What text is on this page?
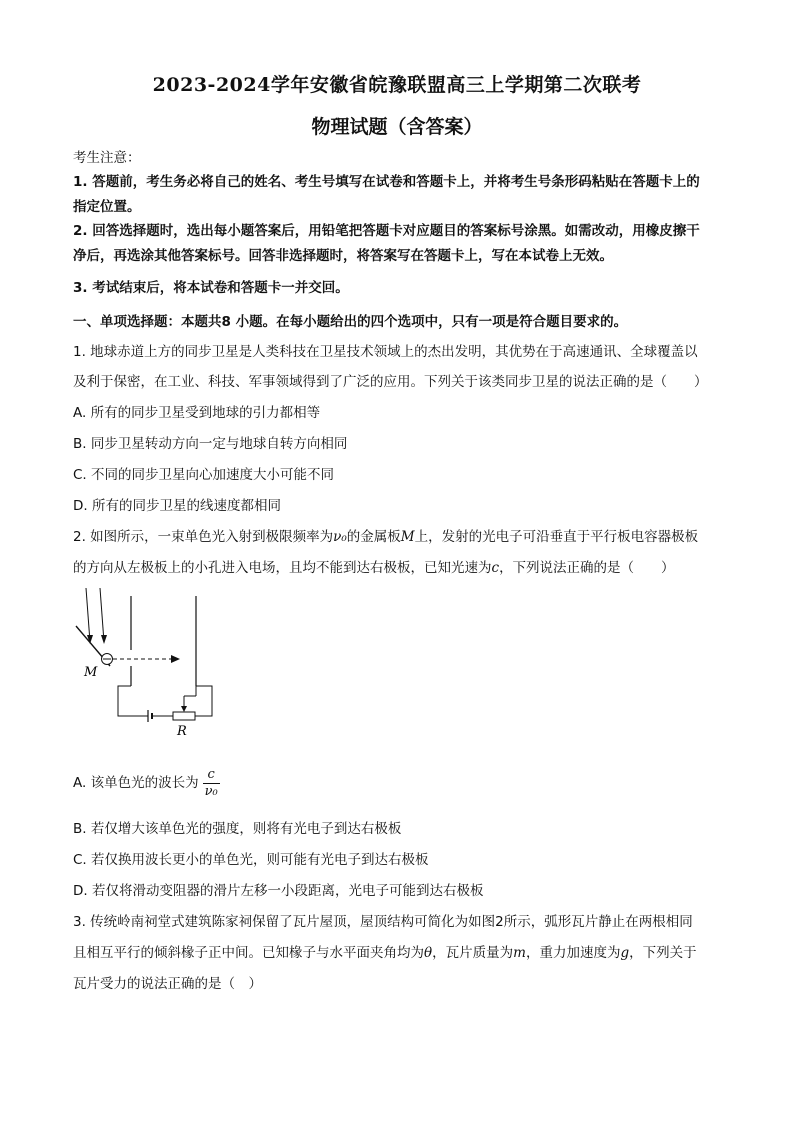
2023-2024学年安徽省皖豫联盟高三上学期第二次联考
物理试题（含答案）
考生注意：
1. 答题前，考生务必将自己的姓名、考生号填写在试卷和答题卡上，并将考生号条形码粘贴在答题卡上的
指定位置。
2. 回答选择题时，选出每小题答案后，用铅笔把答题卡对应题目的答案标号涂黑。如需改动，用橡皮擦干
净后，再选涂其他答案标号。回答非选择题时，将答案写在答题卡上，写在本试卷上无效。
3. 考试结束后，将本试卷和答题卡一并交回。
一、单项选择题：本题共8 小题。在每小题给出的四个选项中，只有一项是符合题目要求的。
1. 地球赤道上方的同步卫星是人类科技在卫星技术领域上的杰出发明，其优势在于高速通讯、全球覆盖以
及利于保密，在工业、科技、军事领域得到了广泛的应用。下列关于该类同步卫星的说法正确的是（　　）
A. 所有的同步卫星受到地球的引力都相等
B. 同步卫星转动方向一定与地球自转方向相同
C. 不同的同步卫星向心加速度大小可能不同
D. 所有的同步卫星的线速度都相同
2. 如图所示，一束单色光入射到极限频率为ν₀的金属板M上，发射的光电子可沿垂直于平行板电容器极板
的方向从左极板上的小孔进入电场，且均不能到达右极板，已知光速为c，下列说法正确的是（　　）
M
R
A. 该单色光的波长为 $\frac{c}{\text{ν₀}}$
B. 若仅增大该单色光的强度，则将有光电子到达右极板
C. 若仅换用波长更小的单色光，则可能有光电子到达右极板
D. 若仅将滑动变阻器的滑片左移一小段距离，光电子可能到达右极板
3. 传统岭南祠堂式建筑陈家祠保留了瓦片屋顶，屋顶结构可简化为如图2所示，弧形瓦片静止在两根相同
且相互平行的倾斜椽子正中间。已知椽子与水平面夹角均为θ，瓦片质量为m，重力加速度为g，下列关于
瓦片受力的说法正确的是（　）
